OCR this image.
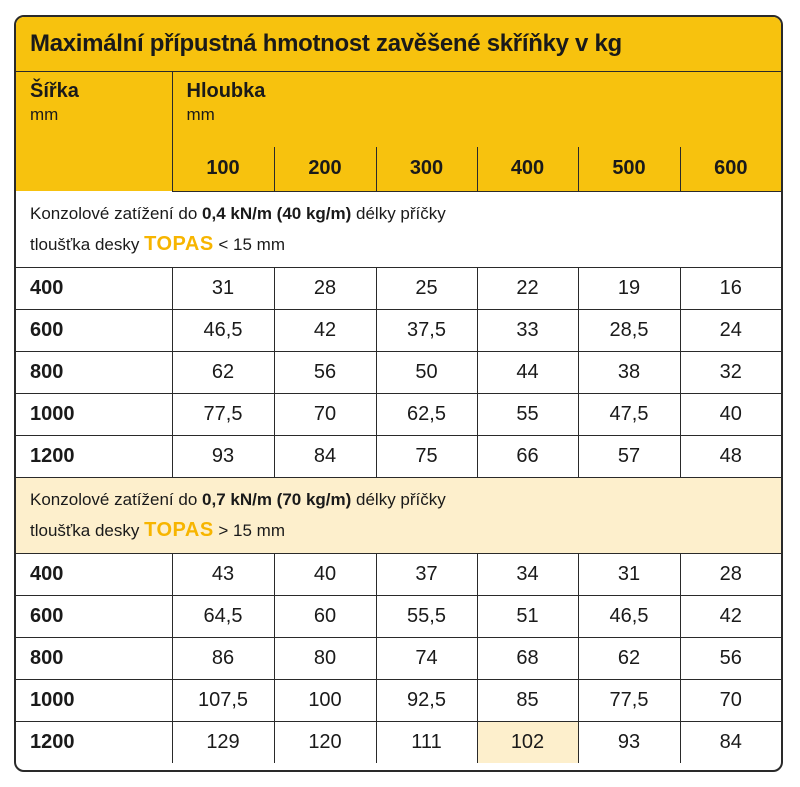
Maximální přípustná hmotnost zavěšené skříňky v kg						

Šířka
mm	Hloubka
mm					

	100	200	300	400	500	600

Konzolové zatížení do 0,4 kN/m (40 kg/m) délky příčky
tloušťka desky TOPAS < 15 mm						

400	31	28	25	22	19	16
600	46,5	42	37,5	33	28,5	24
800	62	56	50	44	38	32
1000	77,5	70	62,5	55	47,5	40
1200	93	84	75	66	57	48

Konzolové zatížení do 0,7 kN/m (70 kg/m) délky příčky
tloušťka desky TOPAS > 15 mm						

400	43	40	37	34	31	28
600	64,5	60	55,5	51	46,5	42
800	86	80	74	68	62	56
1000	107,5	100	92,5	85	77,5	70
1200	129	120	111	102	93	84
